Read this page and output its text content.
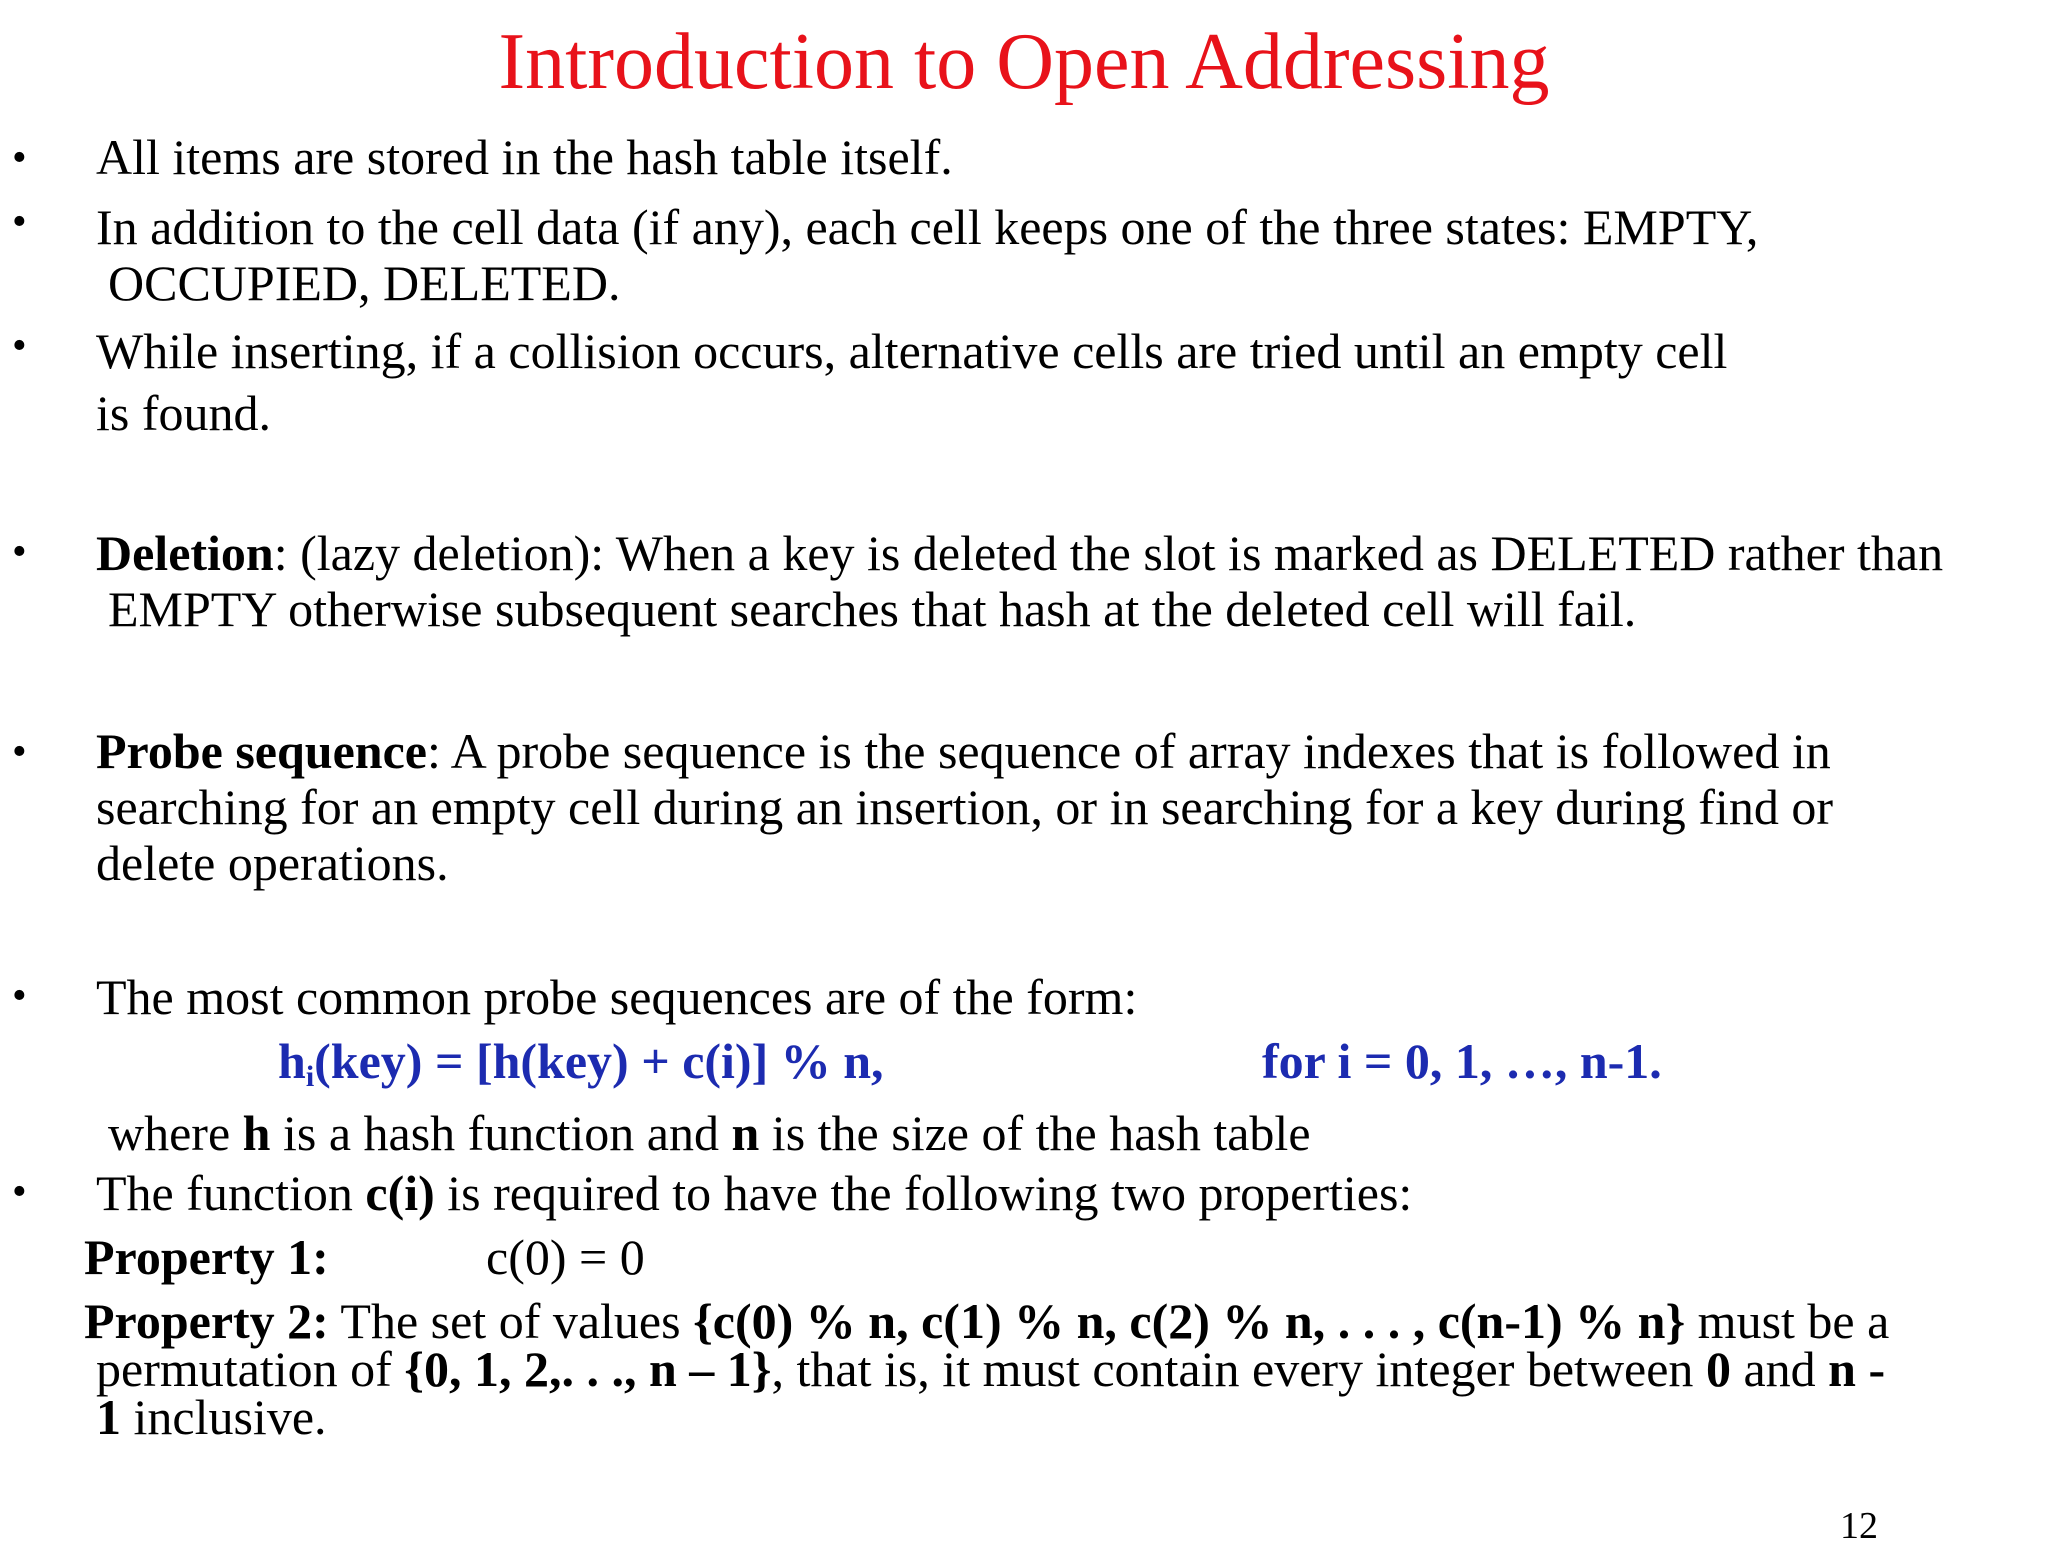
Introduction to Open Addressing
• All items are stored in the hash table itself.
• In addition to the cell data (if any), each cell keeps one of the three states: EMPTY,
OCCUPIED, DELETED.
• While inserting, if a collision occurs, alternative cells are tried until an empty cell
is found.
• Deletion: (lazy deletion): When a key is deleted the slot is marked as DELETED rather than
EMPTY otherwise subsequent searches that hash at the deleted cell will fail.
• Probe sequence: A probe sequence is the sequence of array indexes that is followed in
searching for an empty cell during an insertion, or in searching for a key during find or
delete operations.
• The most common probe sequences are of the form:
$h_i(key) = [h(key) + c(i)]$ % n,	for i = 0, 1, …, n-1.
where h is a hash function and n is the size of the hash table
• The function c(i) is required to have the following two properties:
Property 1:	c(0) = 0
Property 2: The set of values {c(0) % n, c(1) % n, c(2) % n, . . . , c(n-1) % n} must be a
permutation of {0, 1, 2,. . ., n – 1}, that is, it must contain every integer between 0 and n -
1 inclusive.
12
